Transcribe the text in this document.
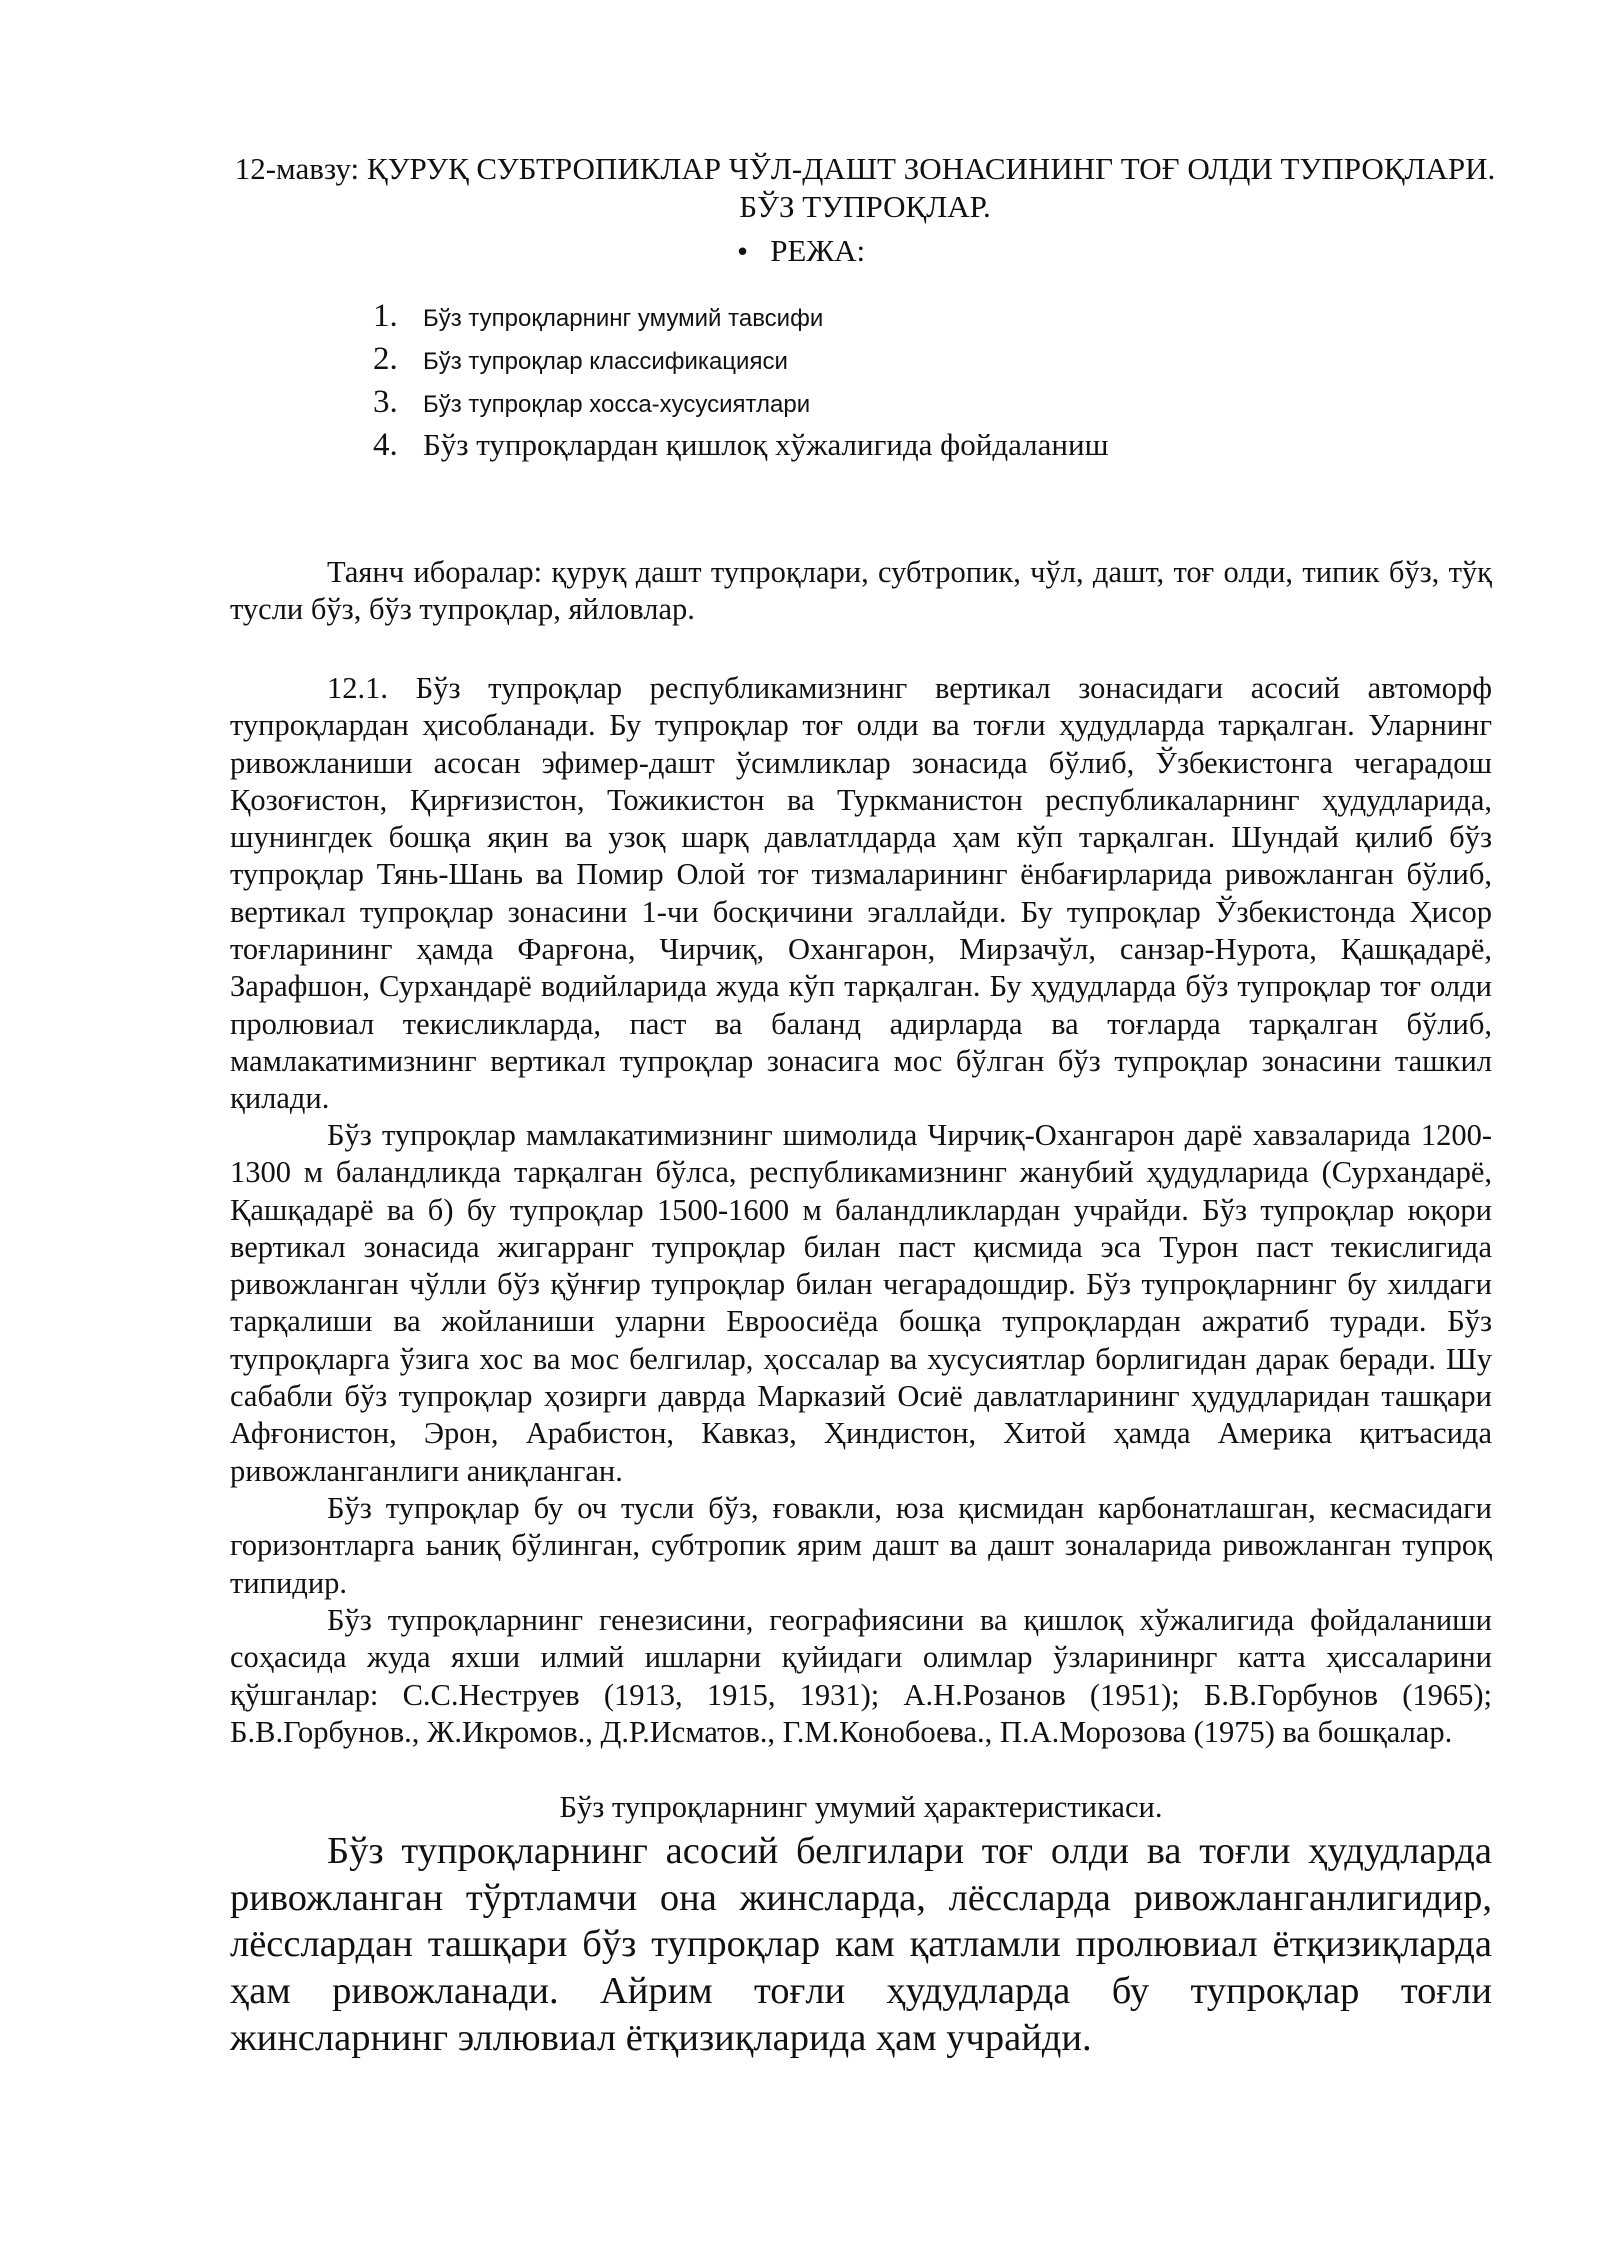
12-мавзу: ҚУРУҚ СУБТРОПИКЛАР ЧЎЛ-ДАШТ ЗОНАСИНИНГ ТОҒ ОЛДИ ТУПРОҚЛАРИ. БЎЗ ТУПРОҚЛАР.
• РЕЖА:
1.	Бўз тупроқларнинг умумий тавсифи
2.	Бўз тупроқлар классификацияси
3.	Бўз тупроқлар хосса-хусусиятлари
4. Бўз тупроқлардан қишлоқ хўжалигида фойдаланиш

Таянч иборалар: қуруқ дашт тупроқлари, субтропик, чўл, дашт, тоғ олди, типик бўз, тўқ тусли бўз, бўз тупроқлар, яйловлар.

12.1. Бўз тупроқлар республикамизнинг вертикал зонасидаги асосий автоморф тупроқлардан ҳисобланади. Бу тупроқлар тоғ олди ва тоғли ҳудудларда тарқалган. Уларнинг ривожланиши асосан эфимер-дашт ўсимликлар зонасида бўлиб, Ўзбекистонга чегарадош Қозоғистон, Қирғизистон, Тожикистон ва Туркманистон республикаларнинг ҳудудларида, шунингдек бошқа яқин ва узоқ шарқ давлатлдарда ҳам кўп тарқалган. Шундай қилиб бўз тупроқлар Тянь-Шань ва Помир Олой тоғ тизмаларининг ёнбағирларида ривожланган бўлиб, вертикал тупроқлар зонасини 1-чи босқичини эгаллайди. Бу тупроқлар Ўзбекистонда Ҳисор тоғларининг ҳамда Фарғона, Чирчиқ, Охангарон, Мирзачўл, санзар-Нурота, Қашқадарё, Зарафшон, Сурхандарё водийларида жуда кўп тарқалган. Бу ҳудудларда бўз тупроқлар тоғ олди пролювиал текисликларда, паст ва баланд адирларда ва тоғларда тарқалган бўлиб, мамлакатимизнинг вертикал тупроқлар зонасига мос бўлган бўз тупроқлар зонасини ташкил қилади.

Бўз тупроқлар мамлакатимизнинг шимолида Чирчиқ-Охангарон дарё хавзаларида 1200-1300 м баландликда тарқалган бўлса, республикамизнинг жанубий ҳудудларида (Сурхандарё, Қашқадарё ва б) бу тупроқлар 1500-1600 м баландликлардан учрайди. Бўз тупроқлар юқори вертикал зонасида жигарранг тупроқлар билан паст қисмида эса Турон паст текислигида ривожланган чўлли бўз қўнғир тупроқлар билан чегарадошдир. Бўз тупроқларнинг бу хилдаги тарқалиши ва жойланиши уларни Евроосиёда бошқа тупроқлардан ажратиб туради. Бўз тупроқларга ўзига хос ва мос белгилар, ҳоссалар ва хусусиятлар борлигидан дарак беради. Шу сабабли бўз тупроқлар ҳозирги даврда Марказий Осиё давлатларининг ҳудудларидан ташқари Афғонистон, Эрон, Арабистон, Кавказ, Ҳиндистон, Хитой ҳамда Америка қитъасида ривожланганлиги аниқланган.

Бўз тупроқлар бу оч тусли бўз, ғовакли, юза қисмидан карбонатлашган, кесмасидаги горизонтларга ьаниқ бўлинган, субтропик ярим дашт ва дашт зоналарида ривожланган тупроқ типидир.

Бўз тупроқларнинг генезисини, географиясини ва қишлоқ хўжалигида фойдаланиши соҳасида жуда яхши илмий ишларни қуйидаги олимлар ўзларининрг катта ҳиссаларини қўшганлар: С.С.Неструев (1913, 1915, 1931); А.Н.Розанов (1951); Б.В.Горбунов (1965); Б.В.Горбунов., Ж.Икромов., Д.Р.Исматов., Г.М.Конобоева., П.А.Морозова (1975) ва бошқалар.

Бўз тупроқларнинг умумий ҳарактеристикаси.

Бўз тупроқларнинг асосий белгилари тоғ олди ва тоғли ҳудудларда ривожланган тўртламчи она жинсларда, лёссларда ривожланганлигидир, лёсслардан ташқари бўз тупроқлар кам қатламли пролювиал ётқизиқларда ҳам ривожланади. Айрим тоғли ҳудудларда бу тупроқлар тоғли жинсларнинг эллювиал ётқизиқларида ҳам учрайди.
